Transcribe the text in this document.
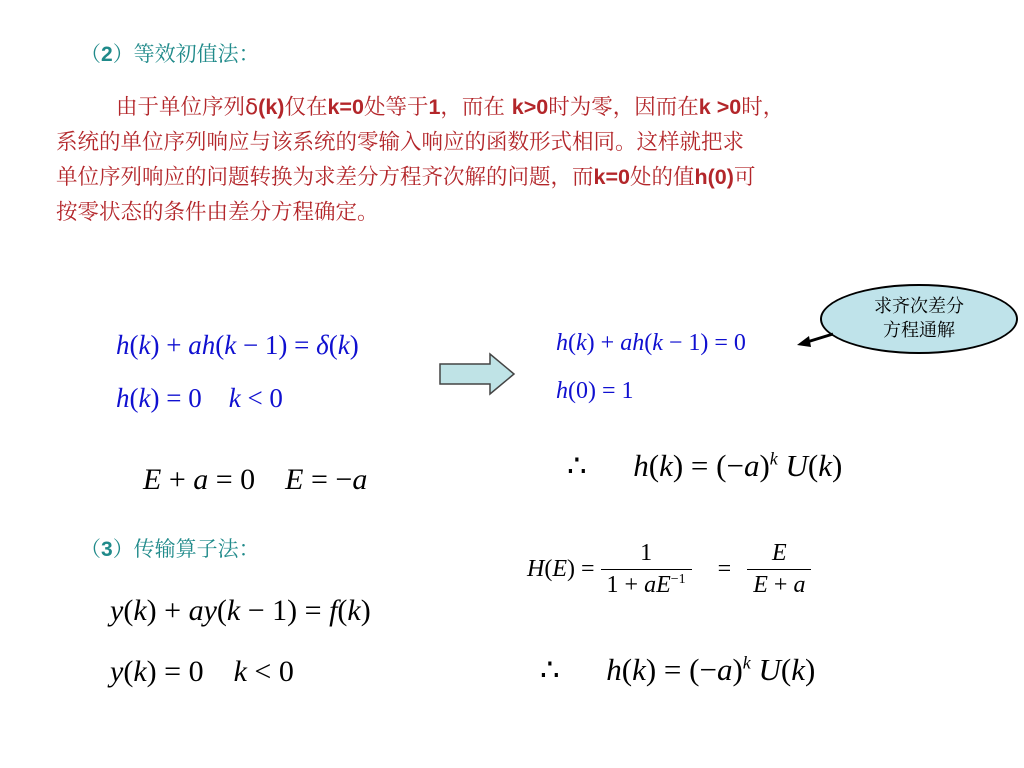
（2）等效初值法：
由于单位序列δ(k)仅在k=0处等于1，而在 k>0时为零，因而在k >0时，
系统的单位序列响应与该系统的零输入响应的函数形式相同。这样就把求
单位序列响应的问题转换为求差分方程齐次解的问题，而k=0处的值h(0)可
按零状态的条件由差分方程确定。
求齐次差分
方程通解
h(k) + ah(k − 1) = δ(k)
h(k) = 0    k < 0
h(k) + ah(k − 1) = 0
h(0) = 1
E + a = 0    E = −a	∴      $h(k) = (-a)^k$ U(k)
（3）传输算子法：
$H(E) = \frac{1}{1 + aE^{-1}} = \frac{E}{E + a}$
y(k) + ay(k − 1) = f(k)
y(k) = 0    k < 0	∴      $h(k) = (-a)^k$ U(k)
